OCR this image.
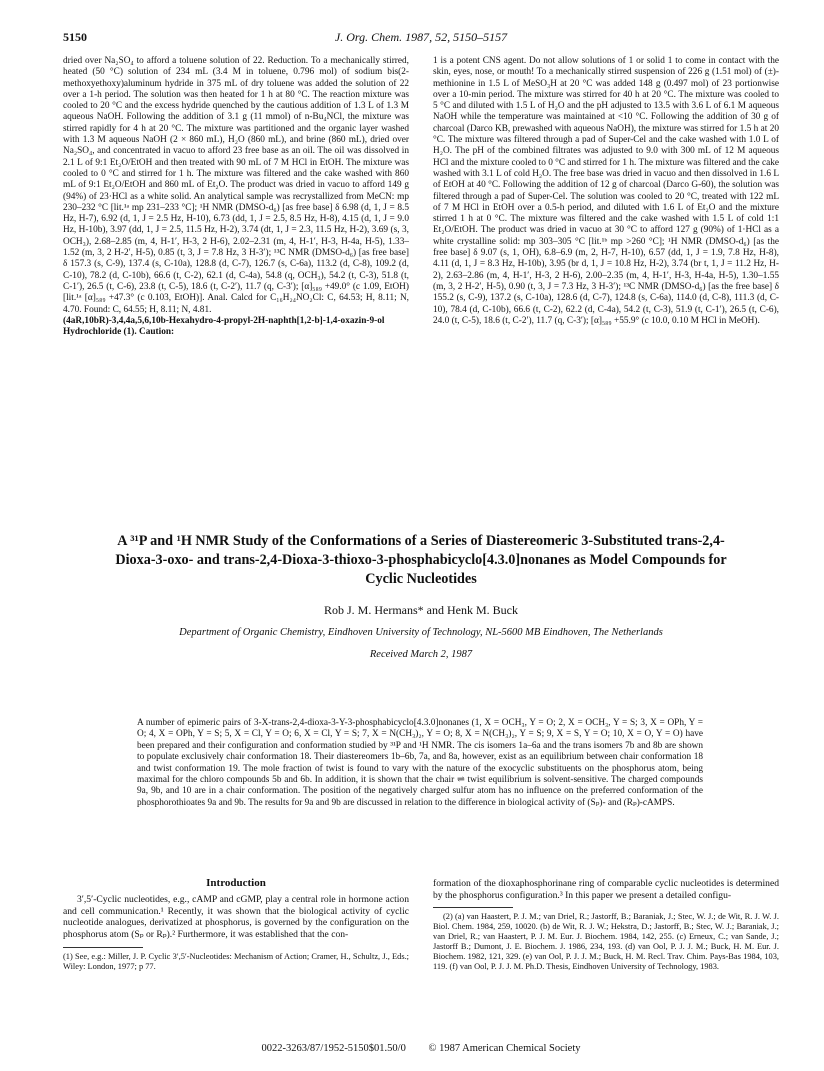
5150	J. Org. Chem. 1987, 52, 5150–5157

dried over Na₂SO₄ to afford a toluene solution of 22. Reduction. To a mechanically stirred, heated (50 °C) solution of 234 mL (3.4 M in toluene, 0.796 mol) of sodium bis(2-methoxyethoxy)aluminum hydride in 375 mL of dry toluene was added the solution of 22 over a 1-h period. The solution was then heated for 1 h at 80 °C. The reaction mixture was cooled to 20 °C and the excess hydride quenched by the cautious addition of 1.3 L of 1.3 M aqueous NaOH. Following the addition of 3.1 g (11 mmol) of n-Bu₄NCl, the mixture was stirred rapidly for 4 h at 20 °C. The mixture was partitioned and the organic layer washed with 1.3 M aqueous NaOH (2 × 860 mL), H₂O (860 mL), and brine (860 mL), dried over Na₂SO₄, and concentrated in vacuo to afford 23 free base as an oil. The oil was dissolved in 2.1 L of 9:1 Et₂O/EtOH and then treated with 90 mL of 7 M HCl in EtOH. The mixture was cooled to 0 °C and stirred for 1 h. The mixture was filtered and the cake washed with 860 mL of 9:1 Et₂O/EtOH and 860 mL of Et₂O. The product was dried in vacuo to afford 149 g (94%) of 23·HCl as a white solid. An analytical sample was recrystallized from MeCN: mp 230–232 °C [lit.¹ᵃ mp 231–233 °C]; ¹H NMR (DMSO-d₆) [as free base] δ 6.98 (d, 1, J = 8.5 Hz, H-7), 6.92 (d, 1, J = 2.5 Hz, H-10), 6.73 (dd, 1, J = 2.5, 8.5 Hz, H-8), 4.15 (d, 1, J = 9.0 Hz, H-10b), 3.97 (dd, 1, J = 2.5, 11.5 Hz, H-2), 3.74 (dt, 1, J = 2.3, 11.5 Hz, H-2), 3.69 (s, 3, OCH₃), 2.68–2.85 (m, 4, H-1′, H-3, 2 H-6), 2.02–2.31 (m, 4, H-1′, H-3, H-4a, H-5), 1.33–1.52 (m, 3, 2 H-2′, H-5), 0.85 (t, 3, J = 7.8 Hz, 3 H-3′); ¹³C NMR (DMSO-d₆) [as free base] δ 157.3 (s, C-9), 137.4 (s, C-10a), 128.8 (d, C-7), 126.7 (s, C-6a), 113.2 (d, C-8), 109.2 (d, C-10), 78.2 (d, C-10b), 66.6 (t, C-2), 62.1 (d, C-4a), 54.8 (q, OCH₃), 54.2 (t, C-3), 51.8 (t, C-1′), 26.5 (t, C-6), 23.8 (t, C-5), 18.6 (t, C-2′), 11.7 (q, C-3′); [α]₅₈₉ +49.0° (c 1.09, EtOH) [lit.¹ᵃ [α]₅₈₉ +47.3° (c 0.103, EtOH)]. Anal. Calcd for C₁₆H₂₄NO₂Cl: C, 64.53; H, 8.11; N, 4.70. Found: C, 64.55; H, 8.11; N, 4.81.

(4aR,10bR)-3,4,4a,5,6,10b-Hexahydro-4-propyl-2H-naphth[1,2-b]-1,4-oxazin-9-ol Hydrochloride (1). Caution:

1 is a potent CNS agent. Do not allow solutions of 1 or solid 1 to come in contact with the skin, eyes, nose, or mouth! To a mechanically stirred suspension of 226 g (1.51 mol) of (±)-methionine in 1.5 L of MeSO₃H at 20 °C was added 148 g (0.497 mol) of 23 portionwise over a 10-min period. The mixture was stirred for 40 h at 20 °C. The mixture was cooled to 5 °C and diluted with 1.5 L of H₂O and the pH adjusted to 13.5 with 3.6 L of 6.1 M aqueous NaOH while the temperature was maintained at <10 °C. Following the addition of 30 g of charcoal (Darco KB, prewashed with aqueous NaOH), the mixture was stirred for 1.5 h at 20 °C. The mixture was filtered through a pad of Super-Cel and the cake washed with 1.0 L of H₂O. The pH of the combined filtrates was adjusted to 9.0 with 300 mL of 12 M aqueous HCl and the mixture cooled to 0 °C and stirred for 1 h. The mixture was filtered and the cake washed with 3.1 L of cold H₂O. The free base was dried in vacuo and then dissolved in 1.6 L of EtOH at 40 °C. Following the addition of 12 g of charcoal (Darco G-60), the solution was filtered through a pad of Super-Cel. The solution was cooled to 20 °C, treated with 122 mL of 7 M HCl in EtOH over a 0.5-h period, and diluted with 1.6 L of Et₂O and the mixture stirred 1 h at 0 °C. The mixture was filtered and the cake washed with 1.5 L of cold 1:1 Et₂O/EtOH. The product was dried in vacuo at 30 °C to afford 127 g (90%) of 1·HCl as a white crystalline solid: mp 303–305 °C [lit.¹ᵇ mp >260 °C]; ¹H NMR (DMSO-d₆) [as the free base] δ 9.07 (s, 1, OH), 6.8–6.9 (m, 2, H-7, H-10), 6.57 (dd, 1, J = 1.9, 7.8 Hz, H-8), 4.11 (d, 1, J = 8.3 Hz, H-10b), 3.95 (br d, 1, J = 10.8 Hz, H-2), 3.74 (br t, 1, J = 11.2 Hz, H-2), 2.63–2.86 (m, 4, H-1′, H-3, 2 H-6), 2.00–2.35 (m, 4, H-1′, H-3, H-4a, H-5), 1.30–1.55 (m, 3, 2 H-2′, H-5), 0.90 (t, 3, J = 7.3 Hz, 3 H-3′); ¹³C NMR (DMSO-d₆) [as the free base] δ 155.2 (s, C-9), 137.2 (s, C-10a), 128.6 (d, C-7), 124.8 (s, C-6a), 114.0 (d, C-8), 111.3 (d, C-10), 78.4 (d, C-10b), 66.6 (t, C-2), 62.2 (d, C-4a), 54.2 (t, C-3), 51.9 (t, C-1′), 26.5 (t, C-6), 24.0 (t, C-5), 18.6 (t, C-2′), 11.7 (q, C-3′); [α]₅₈₉ +55.9° (c 10.0, 0.10 M HCl in MeOH).

A ³¹P and ¹H NMR Study of the Conformations of a Series of Diastereomeric 3-Substituted trans-2,4-Dioxa-3-oxo- and trans-2,4-Dioxa-3-thioxo-3-phosphabicyclo[4.3.0]nonanes as Model Compounds for Cyclic Nucleotides
Rob J. M. Hermans* and Henk M. Buck
Department of Organic Chemistry, Eindhoven University of Technology, NL-5600 MB Eindhoven, The Netherlands
Received March 2, 1987
A number of epimeric pairs of 3-X-trans-2,4-dioxa-3-Y-3-phosphabicyclo[4.3.0]nonanes (1, X = OCH₃, Y = O; 2, X = OCH₃, Y = S; 3, X = OPh, Y = O; 4, X = OPh, Y = S; 5, X = Cl, Y = O; 6, X = Cl, Y = S; 7, X = N(CH₃)₂, Y = O; 8, X = N(CH₃)₂, Y = S; 9, X = S, Y = O; 10, X = O, Y = O) have been prepared and their configuration and conformation studied by ³¹P and ¹H NMR. The cis isomers 1a–6a and the trans isomers 7b and 8b are shown to populate exclusively chair conformation 18. Their diastereomers 1b–6b, 7a, and 8a, however, exist as an equilibrium between chair conformation 18 and twist conformation 19. The mole fraction of twist is found to vary with the nature of the exocyclic substituents on the phosphorus atom, being maximal for the chloro compounds 5b and 6b. In addition, it is shown that the chair ⇌ twist equilibrium is solvent-sensitive. The charged compounds 9a, 9b, and 10 are in a chair conformation. The position of the negatively charged sulfur atom has no influence on the preferred conformation of the phosphorothioates 9a and 9b. The results for 9a and 9b are discussed in relation to the difference in biological activity of (Sₚ)- and (Rₚ)-cAMPS.
Introduction

3′,5′-Cyclic nucleotides, e.g., cAMP and cGMP, play a central role in hormone action and cell communication.¹ Recently, it was shown that the biological activity of cyclic nucleotide analogues, derivatized at phosphorus, is governed by the configuration on the phosphorus atom (Sₚ or Rₚ).² Furthermore, it was established that the con-

(1) See, e.g.: Miller, J. P. Cyclic 3′,5′-Nucleotides: Mechanism of Action; Cramer, H., Schultz, J., Eds.; Wiley: London, 1977; p 77.

formation of the dioxaphosphorinane ring of comparable cyclic nucleotides is determined by the phosphorus configuration.³ In this paper we present a detailed configu-

(2) (a) van Haastert, P. J. M.; van Driel, R.; Jastorff, B.; Baraniak, J.; Stec, W. J.; de Wit, R. J. W. J. Biol. Chem. 1984, 259, 10020. (b) de Wit, R. J. W.; Hekstra, D.; Jastorff, B.; Stec, W. J.; Baraniak, J.; van Driel, R.; van Haastert, P. J. M. Eur. J. Biochem. 1984, 142, 255. (c) Erneux, C.; van Sande, J.; Jastorff B.; Dumont, J. E. Biochem. J. 1986, 234, 193. (d) van Ool, P. J. J. M.; Buck, H. M. Eur. J. Biochem. 1982, 121, 329. (e) van Ool, P. J. J. M.; Buck, H. M. Recl. Trav. Chim. Pays-Bas 1984, 103, 119. (f) van Ool, P. J. J. M. Ph.D. Thesis, Eindhoven University of Technology, 1983.

0022-3263/87/1952-5150$01.50/0 © 1987 American Chemical Society
